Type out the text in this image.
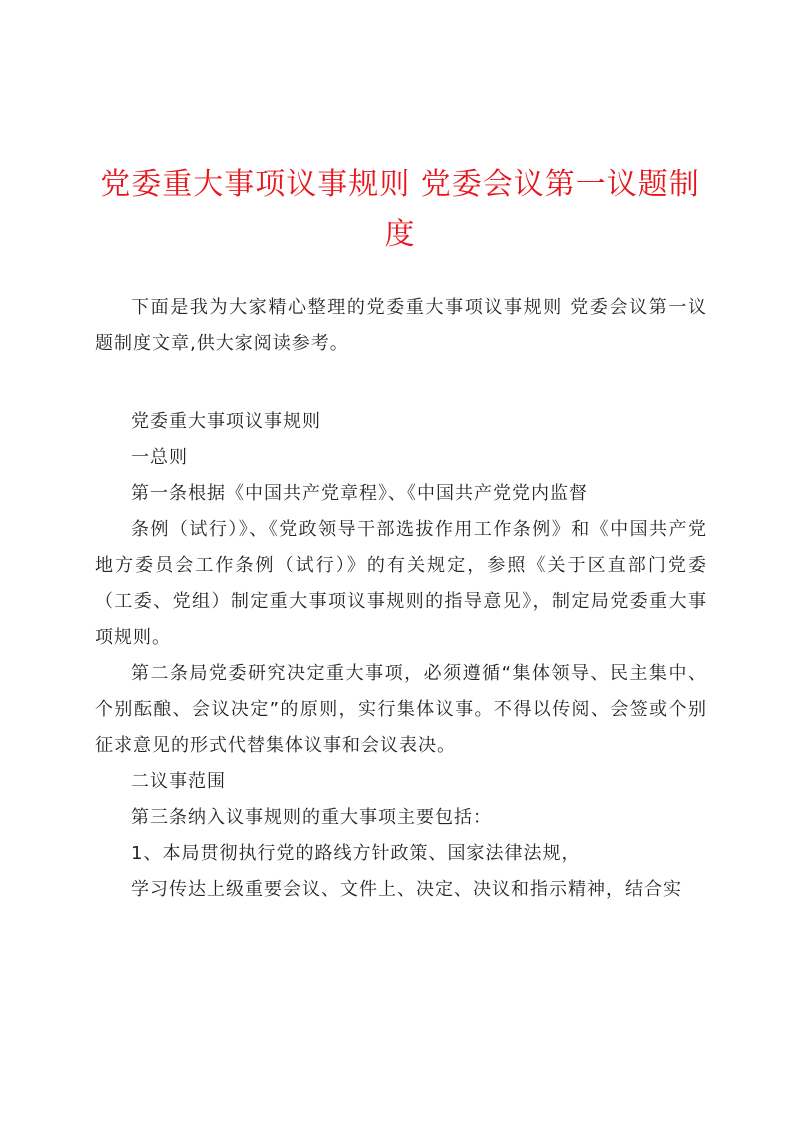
党委重大事项议事规则 党委会议第一议题制度

下面是我为大家精心整理的党委重大事项议事规则 党委会议第一议题制度文章,供大家阅读参考。

党委重大事项议事规则

一总则

第一条根据《中国共产党章程》、《中国共产党党内监督

条例（试行）》、《党政领导干部选拔作用工作条例》和《中国共产党地方委员会工作条例（试行）》的有关规定，参照《关于区直部门党委（工委、党组）制定重大事项议事规则的指导意见》，制定局党委重大事项规则。

第二条局党委研究决定重大事项，必须遵循“集体领导、民主集中、个别酝酿、会议决定”的原则，实行集体议事。不得以传阅、会签或个别征求意见的形式代替集体议事和会议表决。

二议事范围

第三条纳入议事规则的重大事项主要包括：

1、本局贯彻执行党的路线方针政策、国家法律法规，

学习传达上级重要会议、文件上、决定、决议和指示精神，结合实
